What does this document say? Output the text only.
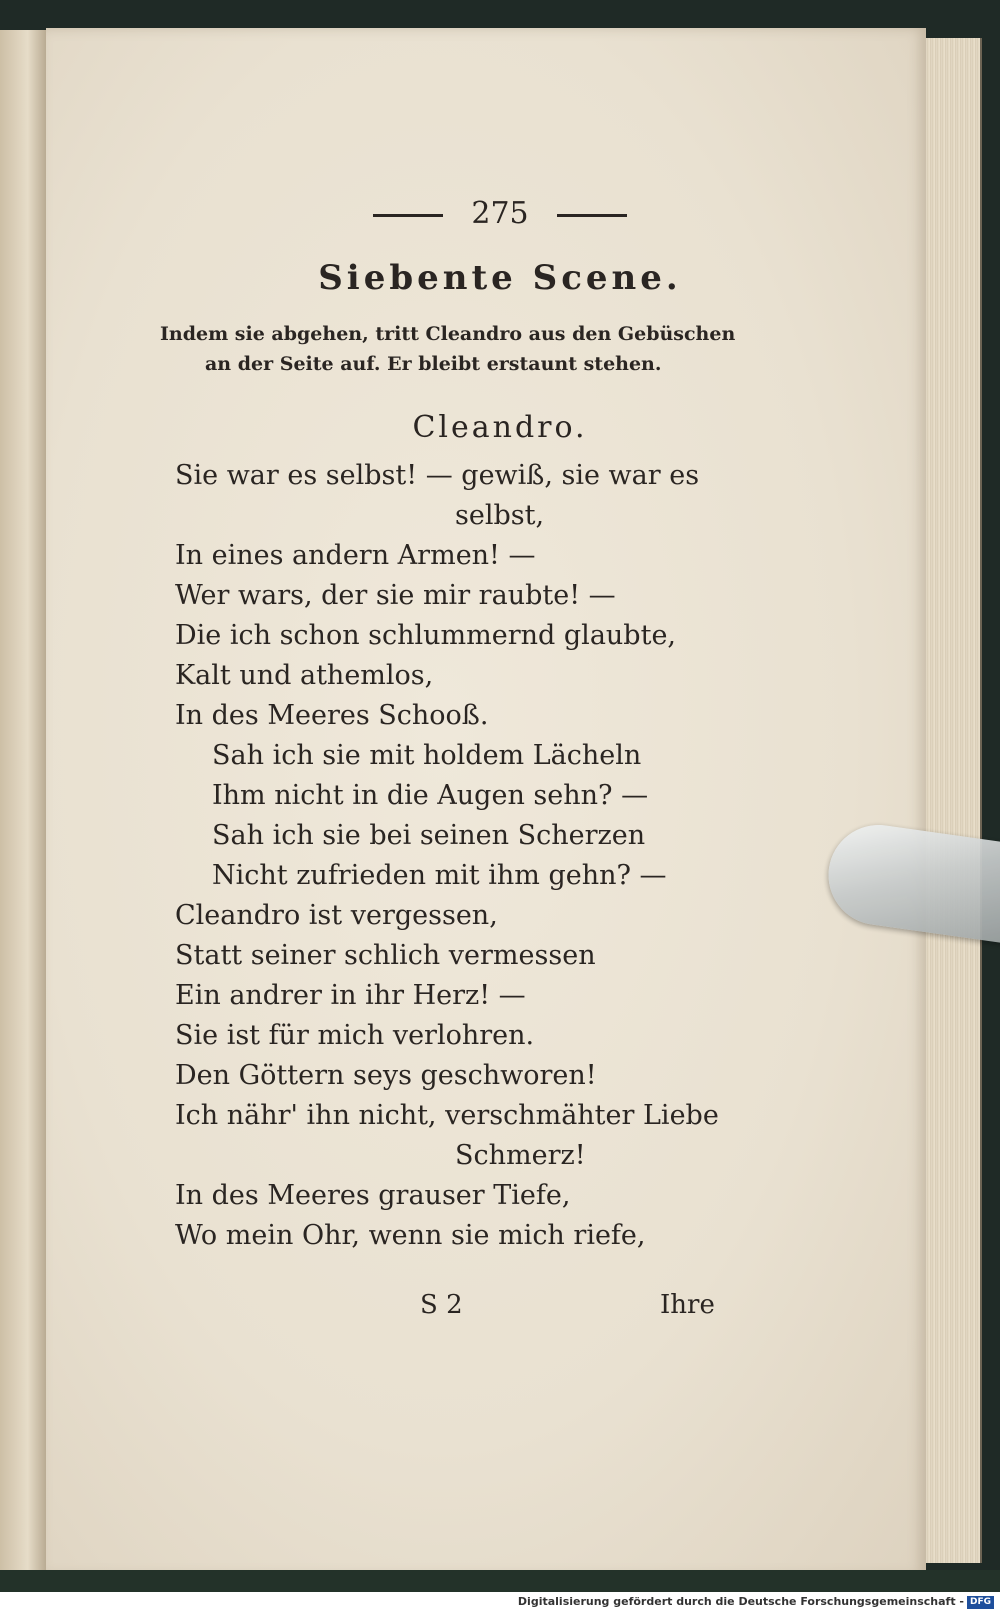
275
Siebente Scene.
Indem sie abgehen, tritt Cleandro aus den Gebüschen
an der Seite auf. Er bleibt erstaunt stehen.
Cleandro.
Sie war es selbst! — gewiß, sie war es
selbst,
In eines andern Armen! —
Wer wars, der sie mir raubte! —
Die ich schon schlummernd glaubte,
Kalt und athemlos,
In des Meeres Schooß.
Sah ich sie mit holdem Lächeln
Ihm nicht in die Augen sehn? —
Sah ich sie bei seinen Scherzen
Nicht zufrieden mit ihm gehn? —
Cleandro ist vergessen,
Statt seiner schlich vermessen
Ein andrer in ihr Herz! —
Sie ist für mich verlohren.
Den Göttern seys geschworen!
Ich nähr' ihn nicht, verschmähter Liebe
Schmerz!
In des Meeres grauser Tiefe,
Wo mein Ohr, wenn sie mich riefe,
S 2	Ihre
Digitalisierung gefördert durch die Deutsche Forschungsgemeinschaft - DFG
